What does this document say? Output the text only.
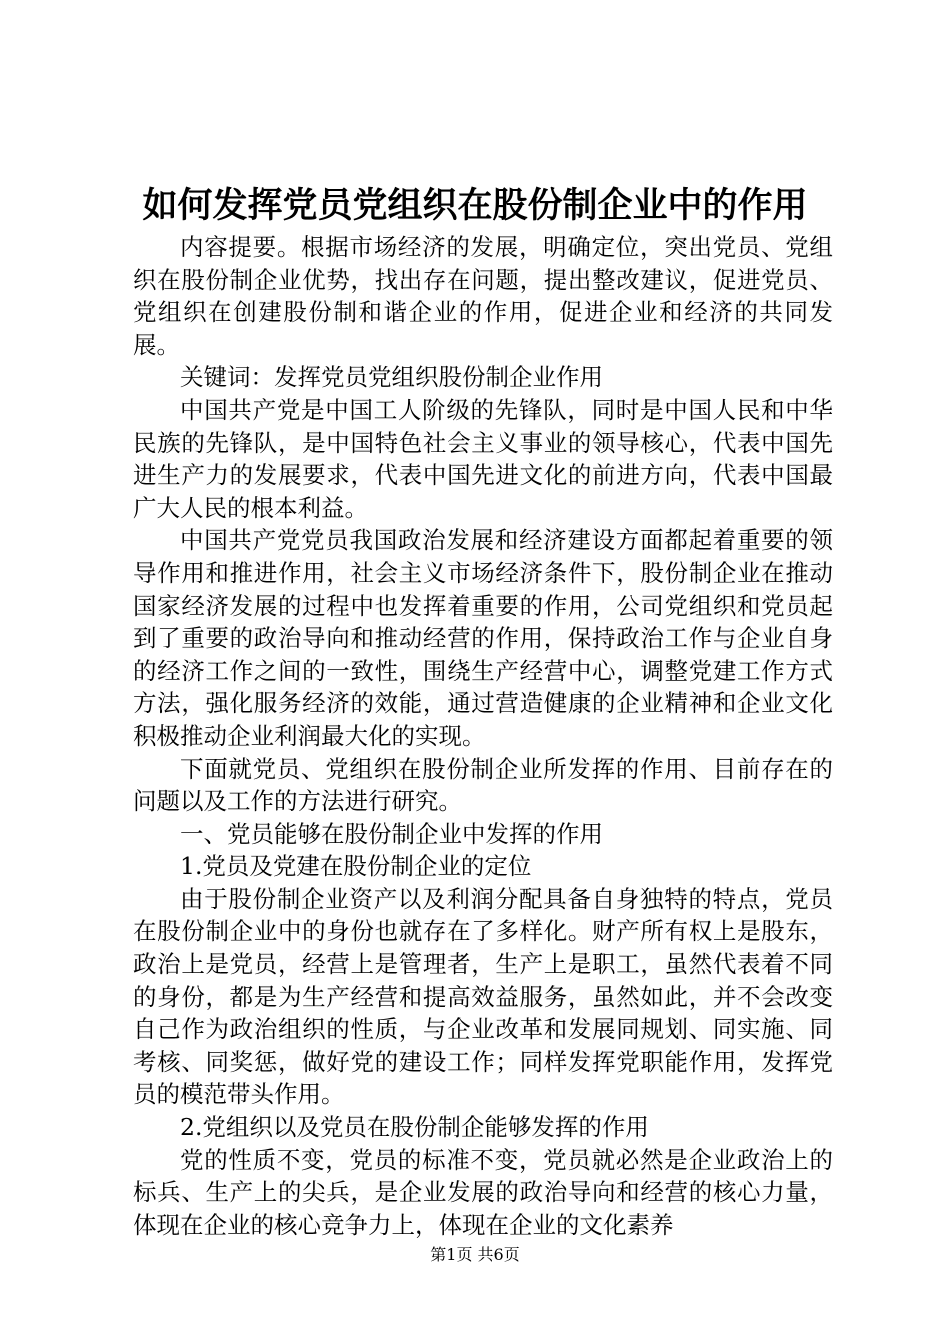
如何发挥党员党组织在股份制企业中的作用

内容提要。根据市场经济的发展，明确定位，突出党员、党组织在股份制企业优势，找出存在问题，提出整改建议，促进党员、党组织在创建股份制和谐企业的作用，促进企业和经济的共同发展。

关键词：发挥党员党组织股份制企业作用

中国共产党是中国工人阶级的先锋队，同时是中国人民和中华民族的先锋队，是中国特色社会主义事业的领导核心，代表中国先进生产力的发展要求，代表中国先进文化的前进方向，代表中国最广大人民的根本利益。

中国共产党党员我国政治发展和经济建设方面都起着重要的领导作用和推进作用，社会主义市场经济条件下，股份制企业在推动国家经济发展的过程中也发挥着重要的作用，公司党组织和党员起到了重要的政治导向和推动经营的作用，保持政治工作与企业自身的经济工作之间的一致性，围绕生产经营中心，调整党建工作方式方法，强化服务经济的效能，通过营造健康的企业精神和企业文化积极推动企业利润最大化的实现。

下面就党员、党组织在股份制企业所发挥的作用、目前存在的问题以及工作的方法进行研究。

一、党员能够在股份制企业中发挥的作用

1.党员及党建在股份制企业的定位

由于股份制企业资产以及利润分配具备自身独特的特点，党员在股份制企业中的身份也就存在了多样化。财产所有权上是股东，政治上是党员，经营上是管理者，生产上是职工，虽然代表着不同的身份，都是为生产经营和提高效益服务，虽然如此，并不会改变自己作为政治组织的性质，与企业改革和发展同规划、同实施、同考核、同奖惩，做好党的建设工作；同样发挥党职能作用，发挥党员的模范带头作用。

2.党组织以及党员在股份制企能够发挥的作用

党的性质不变，党员的标准不变，党员就必然是企业政治上的标兵、生产上的尖兵，是企业发展的政治导向和经营的核心力量，体现在企业的核心竞争力上，体现在企业的文化素养

第1页 共6页
